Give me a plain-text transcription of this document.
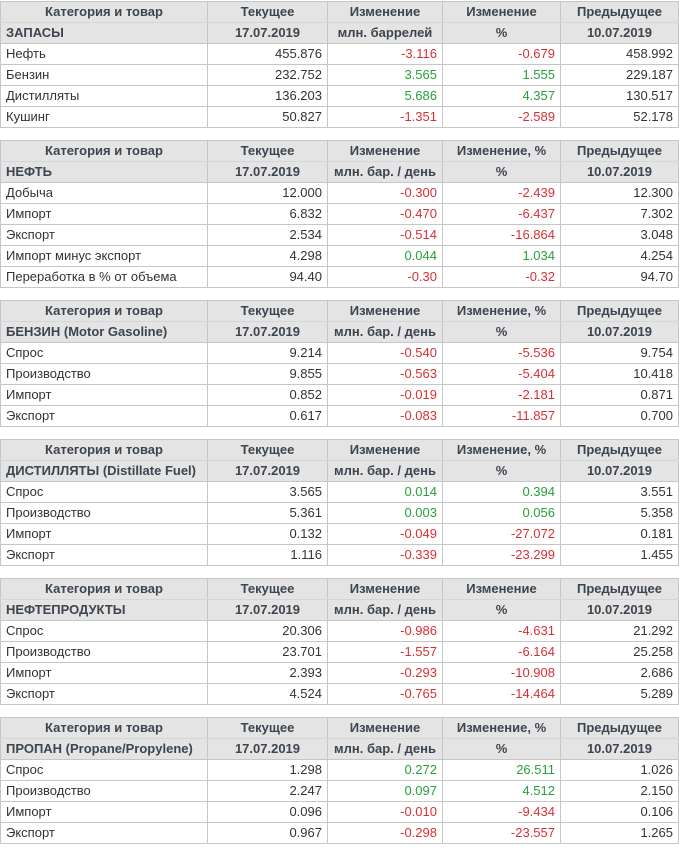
Категория и товар	Текущее	Изменение	Изменение	Предыдущее
ЗАПАСЫ	17.07.2019	млн. баррелей	%	10.07.2019
Нефть	455.876	-3.116	-0.679	458.992
Бензин	232.752	3.565	1.555	229.187
Дистилляты	136.203	5.686	4.357	130.517
Кушинг	50.827	-1.351	-2.589	52.178
Категория и товар	Текущее	Изменение	Изменение, %	Предыдущее
НЕФТЬ	17.07.2019	млн. бар. / день	%	10.07.2019
Добыча	12.000	-0.300	-2.439	12.300
Импорт	6.832	-0.470	-6.437	7.302
Экспорт	2.534	-0.514	-16.864	3.048
Импорт минус экспорт	4.298	0.044	1.034	4.254
Переработка в % от объема	94.40	-0.30	-0.32	94.70
Категория и товар	Текущее	Изменение	Изменение, %	Предыдущее
БЕНЗИН (Motor Gasoline)	17.07.2019	млн. бар. / день	%	10.07.2019
Спрос	9.214	-0.540	-5.536	9.754
Производство	9.855	-0.563	-5.404	10.418
Импорт	0.852	-0.019	-2.181	0.871
Экспорт	0.617	-0.083	-11.857	0.700
Категория и товар	Текущее	Изменение	Изменение, %	Предыдущее
ДИСТИЛЛЯТЫ (Distillate Fuel)	17.07.2019	млн. бар. / день	%	10.07.2019
Спрос	3.565	0.014	0.394	3.551
Производство	5.361	0.003	0.056	5.358
Импорт	0.132	-0.049	-27.072	0.181
Экспорт	1.116	-0.339	-23.299	1.455
Категория и товар	Текущее	Изменение	Изменение	Предыдущее
НЕФТЕПРОДУКТЫ	17.07.2019	млн. бар. / день	%	10.07.2019
Спрос	20.306	-0.986	-4.631	21.292
Производство	23.701	-1.557	-6.164	25.258
Импорт	2.393	-0.293	-10.908	2.686
Экспорт	4.524	-0.765	-14.464	5.289
Категория и товар	Текущее	Изменение	Изменение, %	Предыдущее
ПРОПАН (Propane/Propylene)	17.07.2019	млн. бар. / день	%	10.07.2019
Спрос	1.298	0.272	26.511	1.026
Производство	2.247	0.097	4.512	2.150
Импорт	0.096	-0.010	-9.434	0.106
Экспорт	0.967	-0.298	-23.557	1.265
